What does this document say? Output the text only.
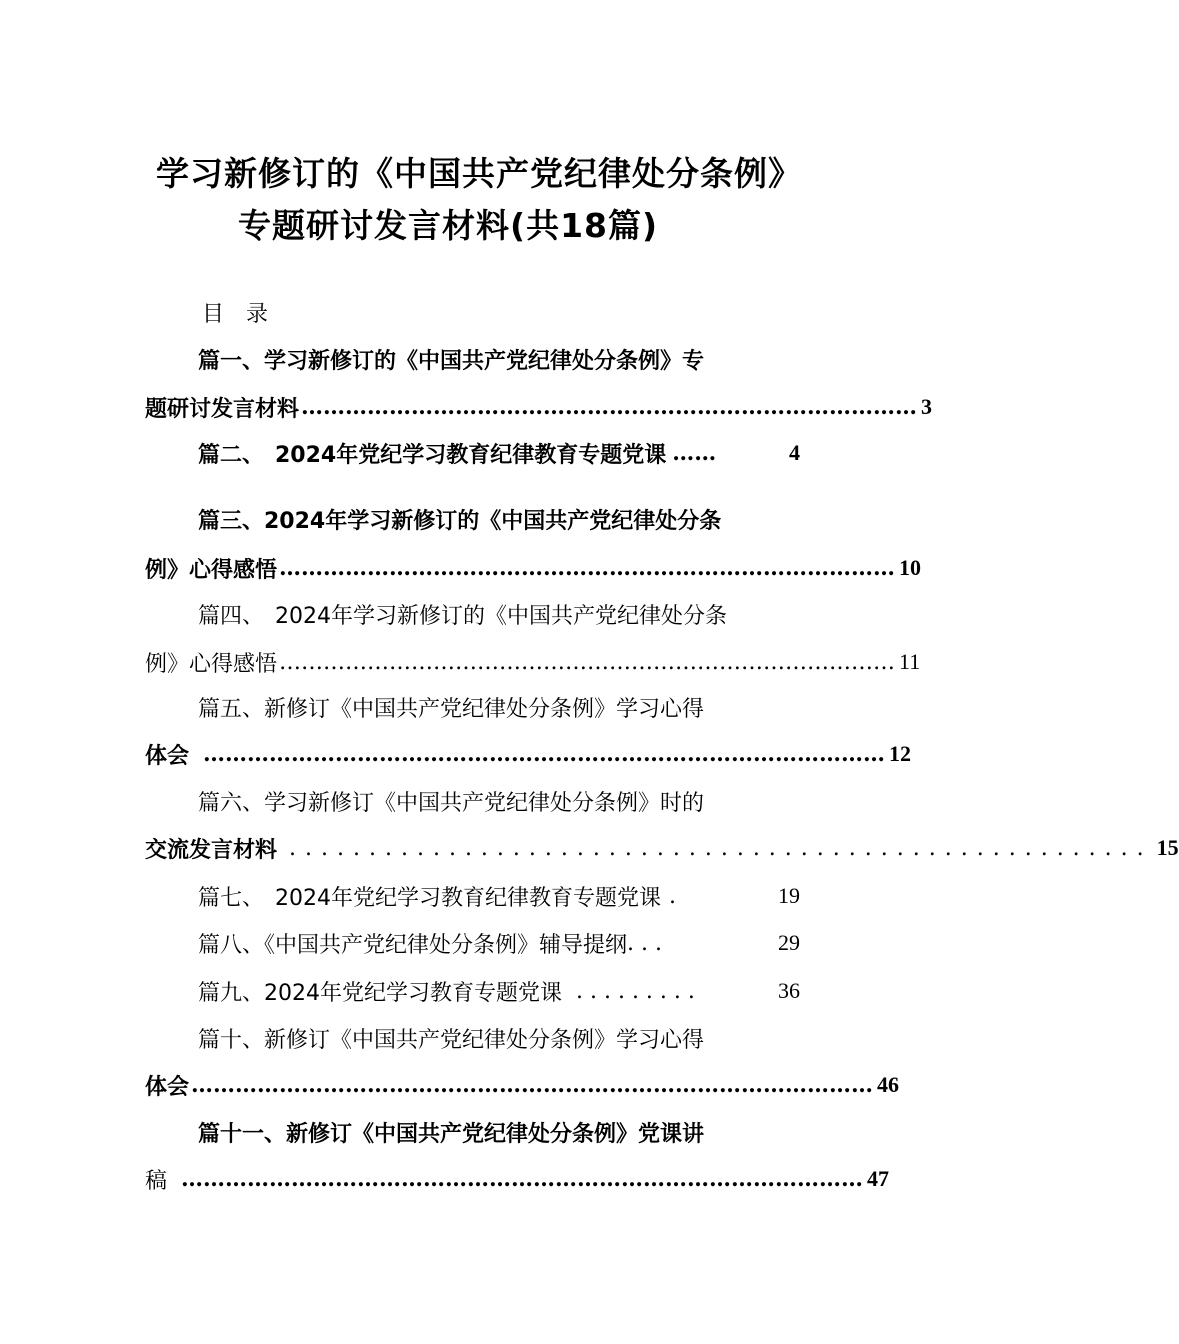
学习新修订的《中国共产党纪律处分条例》
专题研讨发言材料(共18篇)
目　录
篇一、学习新修订的《中国共产党纪律处分条例》专
题研讨发言材料 ………………………………………………………………………… 3
篇二、　2024年党纪学习教育纪律教育专题党课 ……	4
篇三、2024年学习新修订的《中国共产党纪律处分条
例》心得感悟 ………………………………………………………………………… 10
篇四、　2024年学习新修订的《中国共产党纪律处分条
例》心得感悟 ………………………………………………………………………… 11
篇五、新修订《中国共产党纪律处分条例》学习心得
体会 ………………………………………………………………………………… 12
篇六、学习新修订《中国共产党纪律处分条例》时的
交流发言材料 ...................................................... 15
篇七、　2024年党纪学习教育纪律教育专题党课 .	19
篇八、《中国共产党纪律处分条例》辅导提纲 . . .	29
篇九、2024年党纪学习教育专题党课 . . . . . . . . .	36
篇十、新修订《中国共产党纪律处分条例》学习心得
体会 ………………………………………………………………………………… 46
篇十一、新修订《中国共产党纪律处分条例》党课讲
稿 ………………………………………………………………………………… 47
